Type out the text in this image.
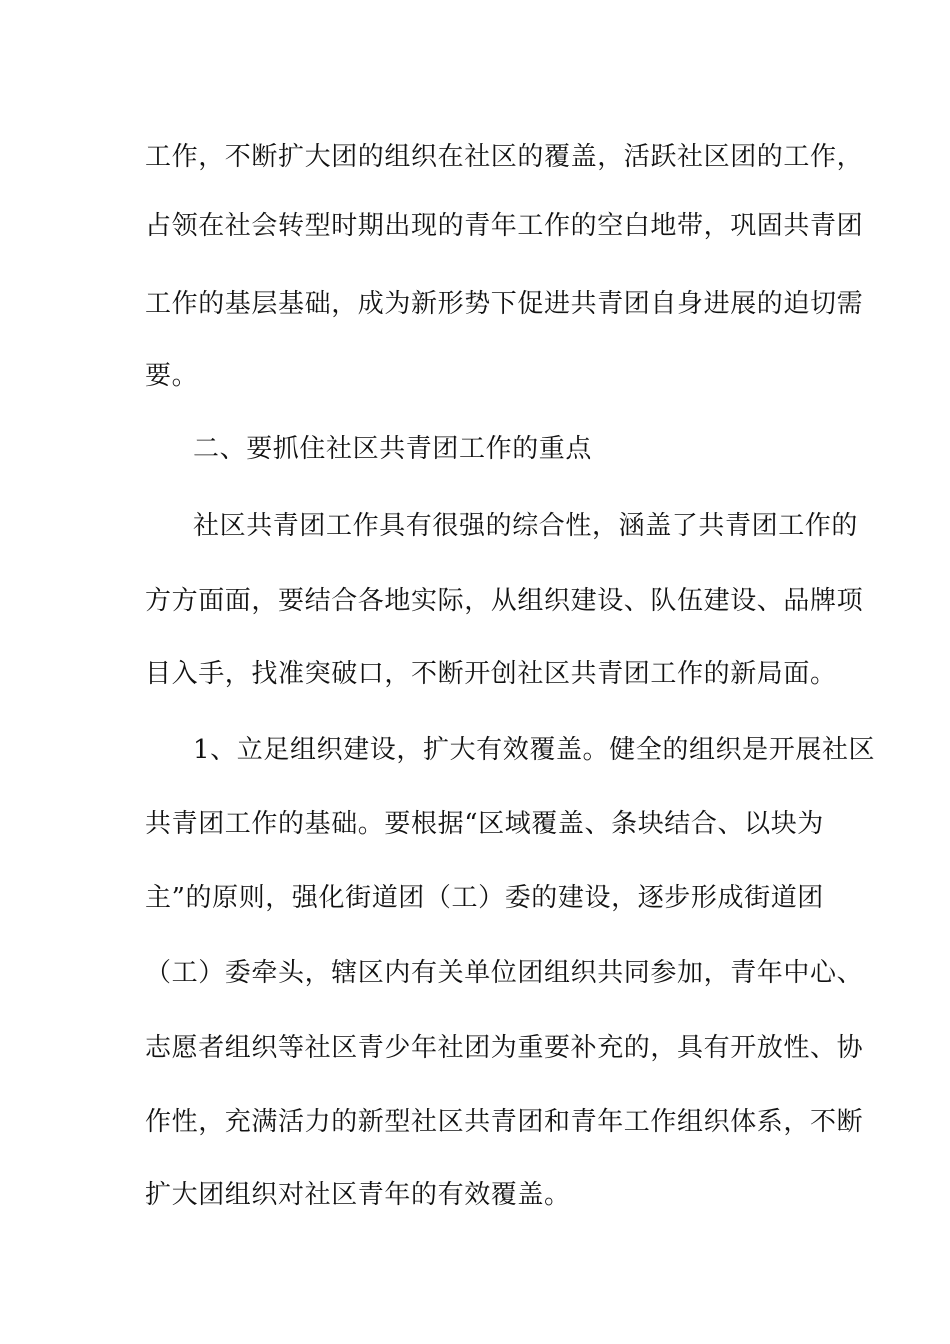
工作，不断扩大团的组织在社区的覆盖，活跃社区团的工作，
占领在社会转型时期出现的青年工作的空白地带，巩固共青团
工作的基层基础，成为新形势下促进共青团自身进展的迫切需
要。
二、要抓住社区共青团工作的重点
社区共青团工作具有很强的综合性，涵盖了共青团工作的
方方面面，要结合各地实际，从组织建设、队伍建设、品牌项
目入手，找准突破口，不断开创社区共青团工作的新局面。
1、立足组织建设，扩大有效覆盖。健全的组织是开展社区
共青团工作的基础。要根据“区域覆盖、条块结合、以块为
主”的原则，强化街道团（工）委的建设，逐步形成街道团
（工）委牵头，辖区内有关单位团组织共同参加，青年中心、
志愿者组织等社区青少年社团为重要补充的，具有开放性、协
作性，充满活力的新型社区共青团和青年工作组织体系，不断
扩大团组织对社区青年的有效覆盖。
